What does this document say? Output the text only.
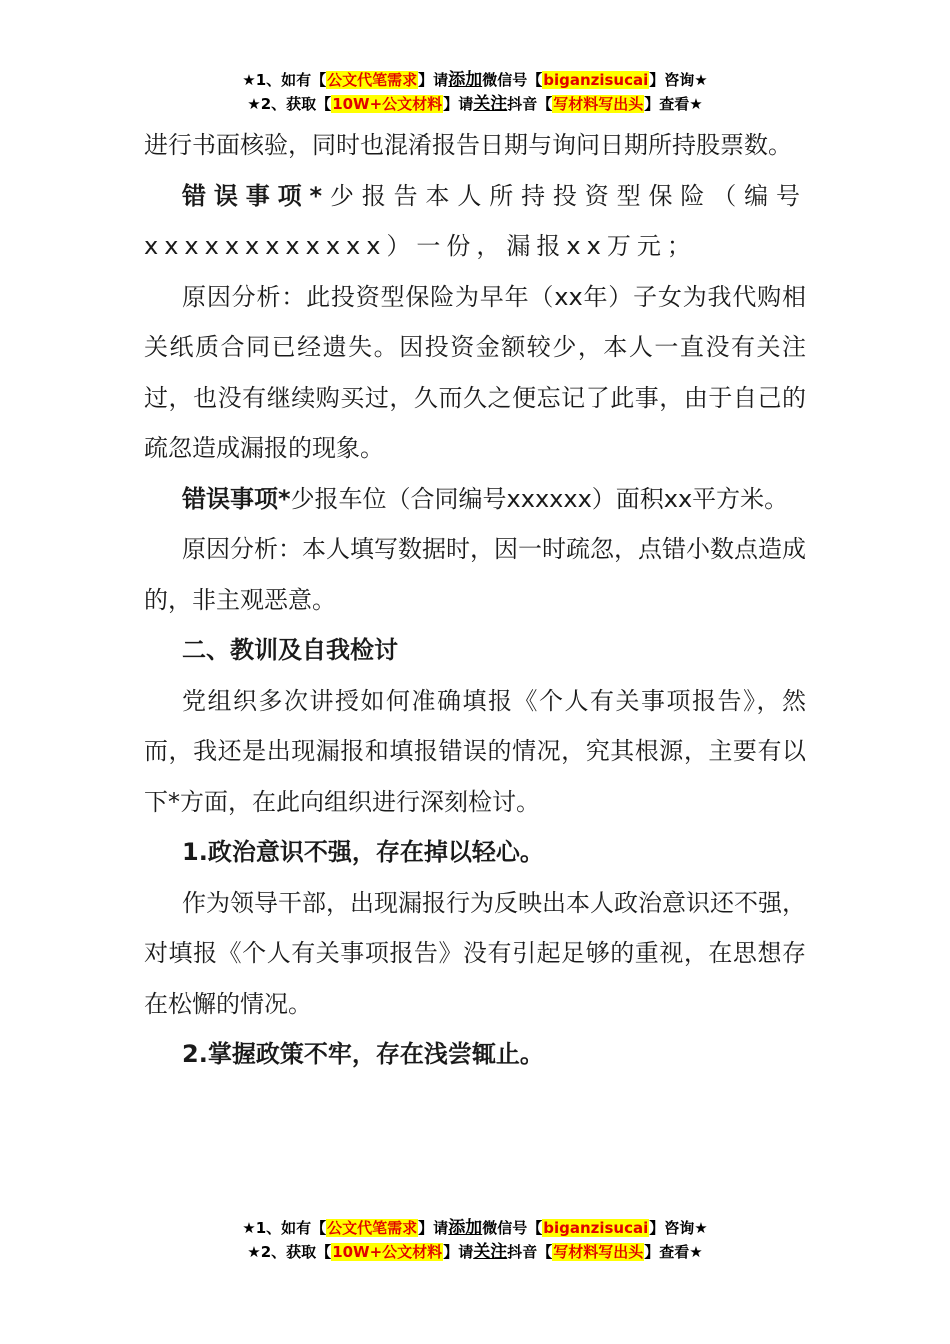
★1、如有【公文代笔需求】请添加微信号【biganzisucai】咨询★
★2、获取【10W+公文材料】请关注抖音【写材料写出头】查看★

进行书面核验，同时也混淆报告日期与询问日期所持股票数。

错误事项*少报告本人所持投资型保险（编号xxxxxxxxxxxx）一份，漏报xx万元；

原因分析：此投资型保险为早年（xx年）子女为我代购相关纸质合同已经遗失。因投资金额较少，本人一直没有关注过，也没有继续购买过，久而久之便忘记了此事，由于自己的疏忽造成漏报的现象。

错误事项*少报车位（合同编号xxxxxx）面积xx平方米。

原因分析：本人填写数据时，因一时疏忽，点错小数点造成的，非主观恶意。

二、教训及自我检讨

党组织多次讲授如何准确填报《个人有关事项报告》，然而，我还是出现漏报和填报错误的情况，究其根源，主要有以下*方面，在此向组织进行深刻检讨。

1.政治意识不强，存在掉以轻心。

作为领导干部，出现漏报行为反映出本人政治意识还不强，对填报《个人有关事项报告》没有引起足够的重视，在思想存在松懈的情况。

2.掌握政策不牢，存在浅尝辄止。

★1、如有【公文代笔需求】请添加微信号【biganzisucai】咨询★
★2、获取【10W+公文材料】请关注抖音【写材料写出头】查看★
